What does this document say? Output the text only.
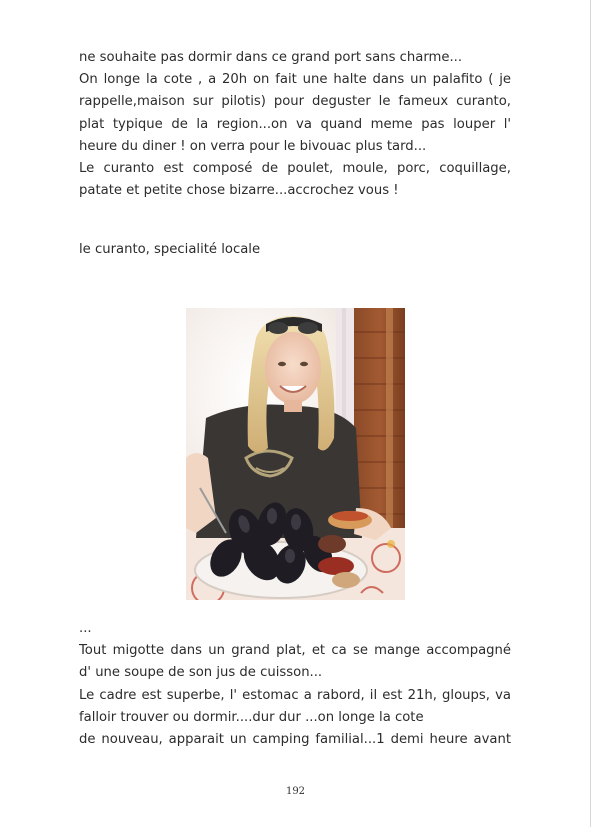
ne souhaite pas dormir dans ce grand port sans charme...
On longe la cote , a 20h on fait une halte dans un palafito ( je
rappelle,maison sur pilotis) pour deguster le fameux curanto,
plat typique de la region...on va quand meme pas louper l'
heure du diner ! on verra pour le bivouac plus tard...
Le curanto est composé de poulet, moule, porc, coquillage,
patate et petite chose bizarre...accrochez vous !
le curanto, specialité locale
...
Tout migotte dans un grand plat, et ca se mange accompagné
d' une soupe de son jus de cuisson...
Le cadre est superbe, l' estomac a rabord, il est 21h, gloups, va
falloir trouver ou dormir....dur dur ...on longe la cote
de nouveau, apparait un camping familial...1 demi heure avant
192
